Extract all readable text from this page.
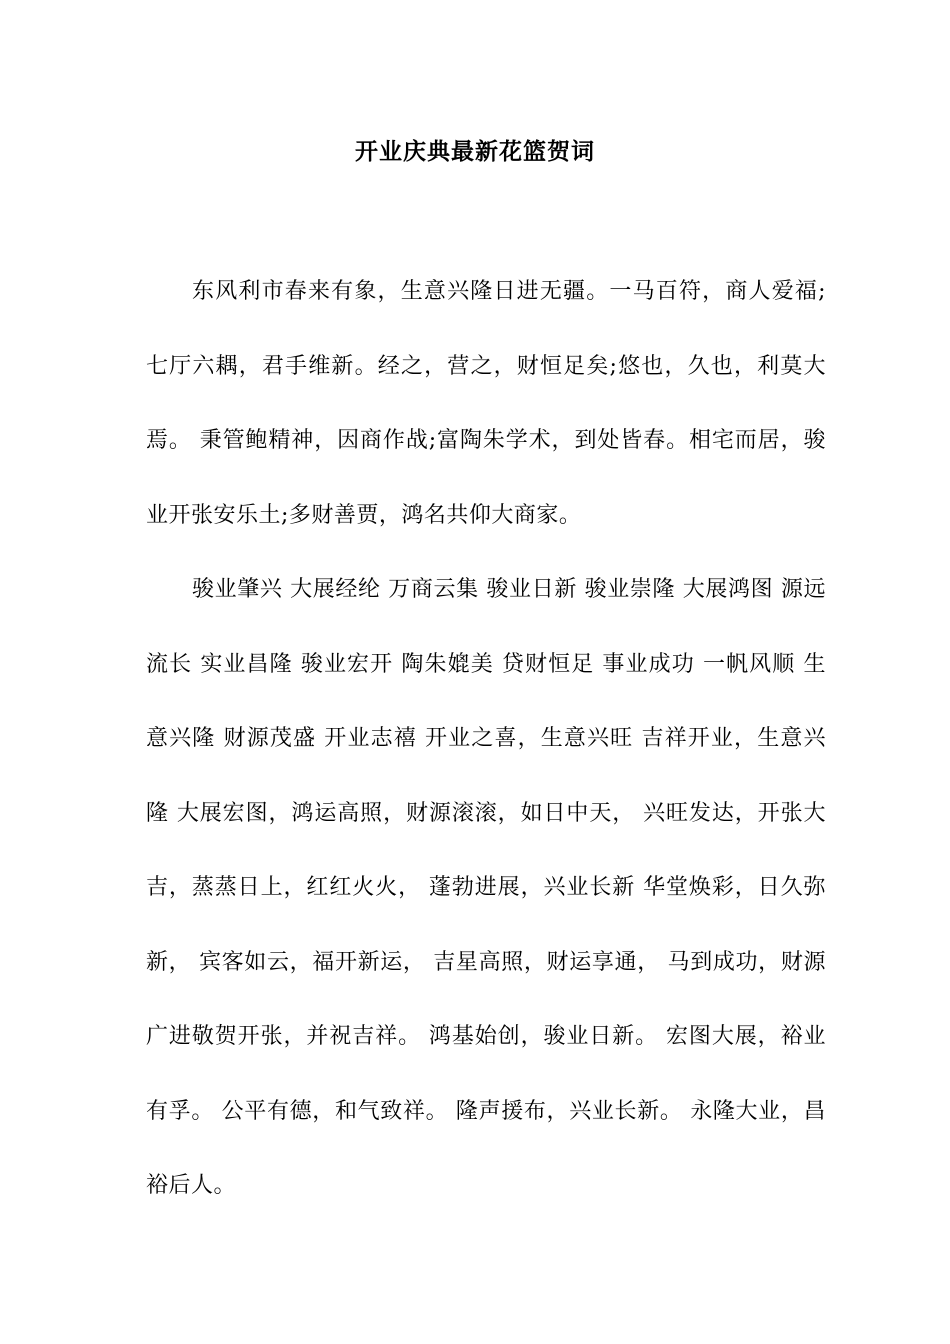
开业庆典最新花篮贺词

东风利市春来有象，生意兴隆日进无疆。一马百符，商人爱福;七厅六耦，君手维新。经之，营之，财恒足矣;悠也，久也，利莫大焉。 秉管鲍精神，因商作战;富陶朱学术，到处皆春。相宅而居，骏业开张安乐土;多财善贾，鸿名共仰大商家。

骏业肇兴 大展经纶 万商云集 骏业日新 骏业崇隆 大展鸿图 源远流长 实业昌隆 骏业宏开 陶朱媲美 贷财恒足 事业成功 一帆风顺 生意兴隆 财源茂盛 开业志禧 开业之喜，生意兴旺 吉祥开业，生意兴隆 大展宏图，鸿运高照，财源滚滚，如日中天， 兴旺发达，开张大吉，蒸蒸日上，红红火火， 蓬勃进展，兴业长新 华堂焕彩，日久弥新， 宾客如云，福开新运， 吉星高照，财运享通， 马到成功，财源广进敬贺开张，并祝吉祥。 鸿基始创，骏业日新。 宏图大展，裕业有孚。 公平有德，和气致祥。 隆声援布，兴业长新。 永隆大业，昌裕后人。
